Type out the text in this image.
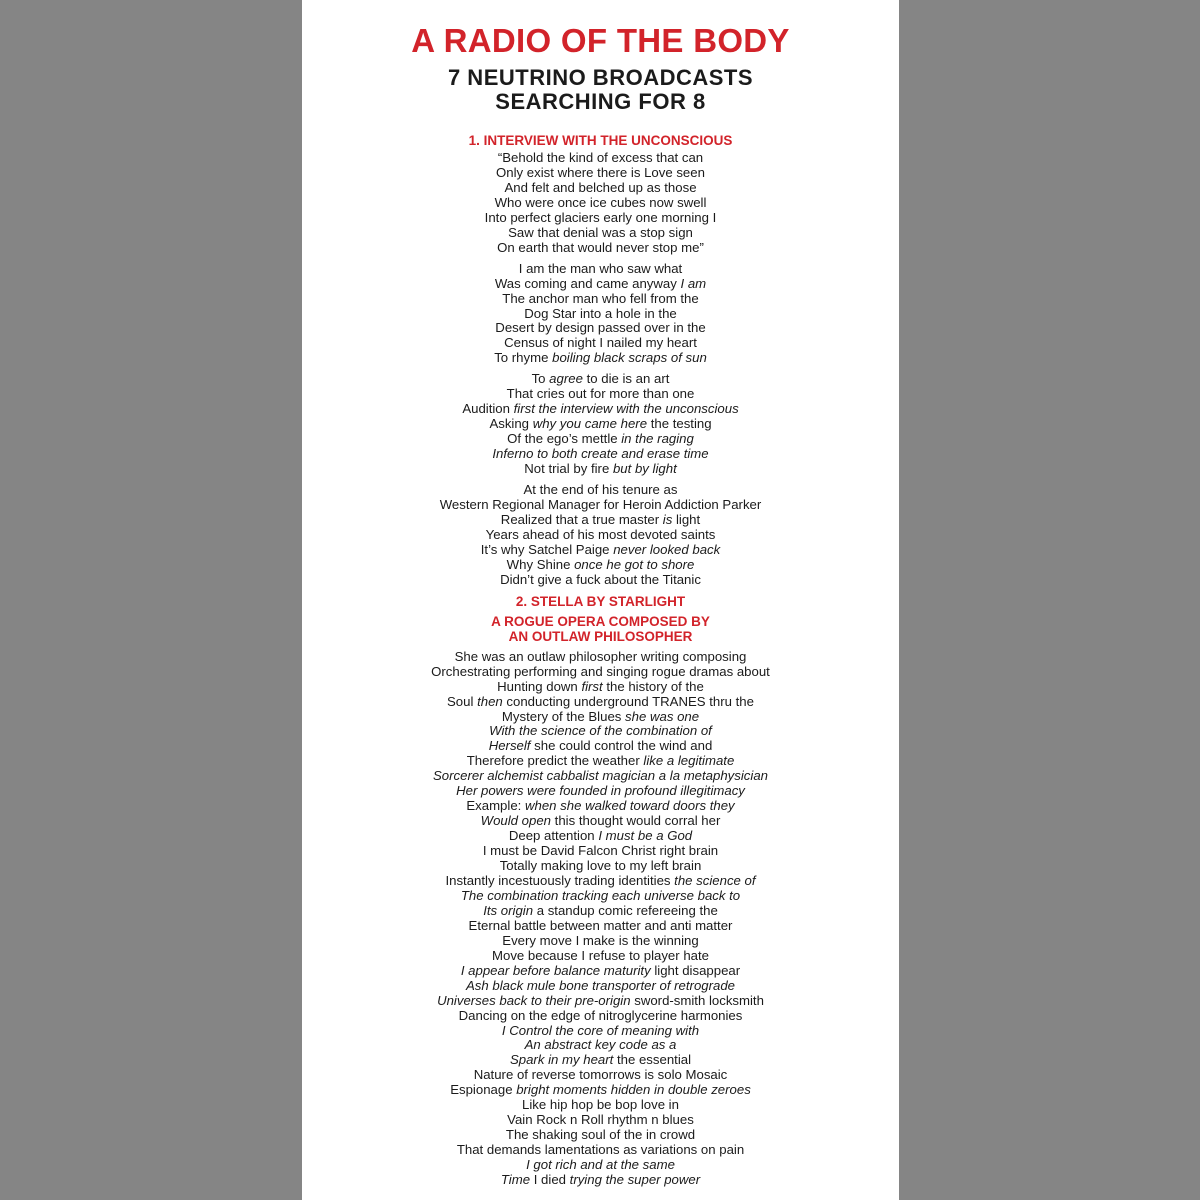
A RADIO OF THE BODY
7 NEUTRINO BROADCASTS
SEARCHING FOR 8
1. INTERVIEW WITH THE UNCONSCIOUS
“Behold the kind of excess that can
Only exist where there is Love seen
And felt and belched up as those
Who were once ice cubes now swell
Into perfect glaciers early one morning I
Saw that denial was a stop sign
On earth that would never stop me”
I am the man who saw what
Was coming and came anyway I am
The anchor man who fell from the
Dog Star into a hole in the
Desert by design passed over in the
Census of night I nailed my heart
To rhyme boiling black scraps of sun
To agree to die is an art
That cries out for more than one
Audition first the interview with the unconscious
Asking why you came here the testing
Of the ego’s mettle in the raging
Inferno to both create and erase time
Not trial by fire but by light
At the end of his tenure as
Western Regional Manager for Heroin Addiction Parker
Realized that a true master is light
Years ahead of his most devoted saints
It’s why Satchel Paige never looked back
Why Shine once he got to shore
Didn’t give a fuck about the Titanic
2. STELLA BY STARLIGHT
A ROGUE OPERA COMPOSED BY
AN OUTLAW PHILOSOPHER
She was an outlaw philosopher writing composing
Orchestrating performing and singing rogue dramas about
Hunting down first the history of the
Soul then conducting underground TRANES thru the
Mystery of the Blues she was one
With the science of the combination of
Herself she could control the wind and
Therefore predict the weather like a legitimate
Sorcerer alchemist cabbalist magician a la metaphysician
Her powers were founded in profound illegitimacy
Example: when she walked toward doors they
Would open this thought would corral her
Deep attention I must be a God
I must be David Falcon Christ right brain
Totally making love to my left brain
Instantly incestuously trading identities the science of
The combination tracking each universe back to
Its origin a standup comic refereeing the
Eternal battle between matter and anti matter
Every move I make is the winning
Move because I refuse to player hate
I appear before balance maturity light disappear
Ash black mule bone transporter of retrograde
Universes back to their pre-origin sword-smith locksmith
Dancing on the edge of nitroglycerine harmonies
I Control the core of meaning with
An abstract key code as a
Spark in my heart the essential
Nature of reverse tomorrows is solo Mosaic
Espionage bright moments hidden in double zeroes
Like hip hop be bop love in
Vain Rock n Roll rhythm n blues
The shaking soul of the in crowd
That demands lamentations as variations on pain
I got rich and at the same
Time I died trying the super power
